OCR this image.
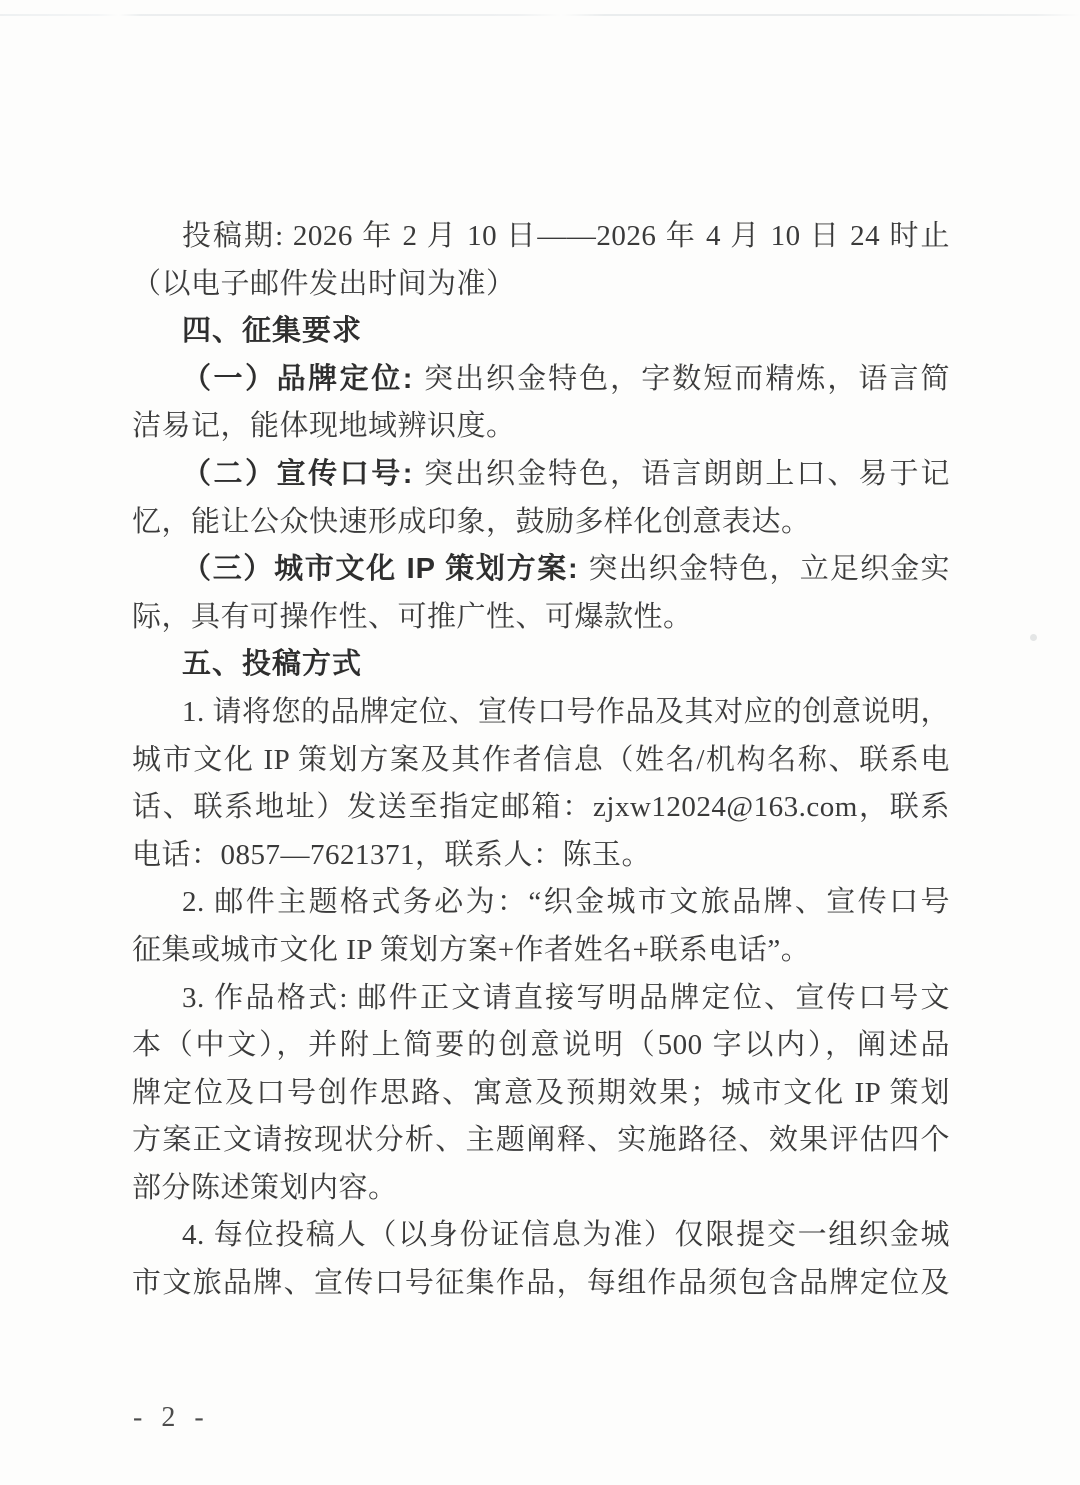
投稿期: 2026 年 2 月 10 日——2026 年 4 月 10 日 24 时止
（以电子邮件发出时间为准）
四、征集要求
（一）品牌定位: 突出织金特色，字数短而精炼，语言简
洁易记，能体现地域辨识度。
（二）宣传口号: 突出织金特色，语言朗朗上口、易于记
忆，能让公众快速形成印象，鼓励多样化创意表达。
（三）城市文化 IP 策划方案: 突出织金特色，立足织金实
际，具有可操作性、可推广性、可爆款性。
五、投稿方式
1. 请将您的品牌定位、宣传口号作品及其对应的创意说明，
城市文化 IP 策划方案及其作者信息（姓名/机构名称、联系电
话、联系地址）发送至指定邮箱：zjxw12024@163.com，联系
电话：0857—7621371，联系人：陈玉。
2. 邮件主题格式务必为：“织金城市文旅品牌、宣传口号
征集或城市文化 IP 策划方案+作者姓名+联系电话”。
3. 作品格式: 邮件正文请直接写明品牌定位、宣传口号文
本（中文），并附上简要的创意说明（500 字以内），阐述品
牌定位及口号创作思路、寓意及预期效果；城市文化 IP 策划
方案正文请按现状分析、主题阐释、实施路径、效果评估四个
部分陈述策划内容。
4. 每位投稿人（以身份证信息为准）仅限提交一组织金城
市文旅品牌、宣传口号征集作品，每组作品须包含品牌定位及
- 2 -
